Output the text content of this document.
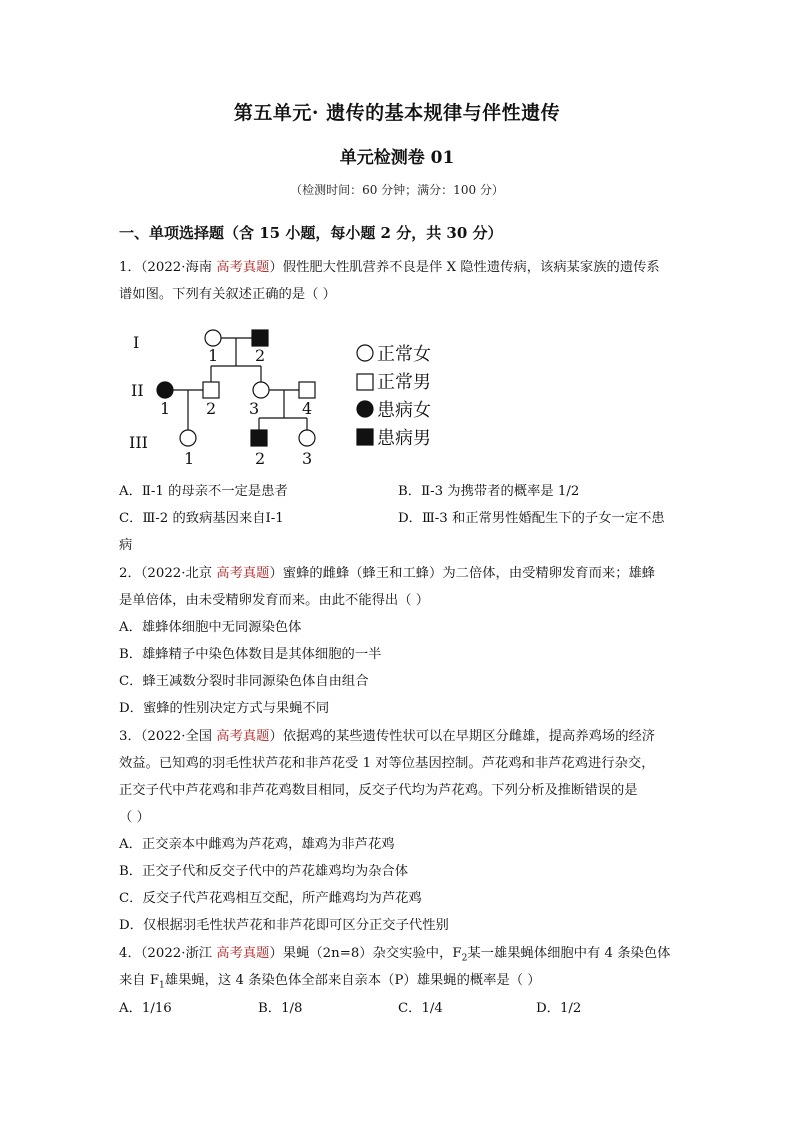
第五单元· 遗传的基本规律与伴性遗传
单元检测卷 01
（检测时间：60 分钟；满分：100 分）
一、单项选择题（含 15 小题，每小题 2 分，共 30 分）
1．（2022·海南 高考真题）假性肥大性肌营养不良是伴 X 隐性遗传病，该病某家族的遗传系
谱如图。下列有关叙述正确的是（ ）
I
II
III
1 2
1 2 3	4
1	2 3
正常女
正常男
患病女
患病男
A．Ⅱ-1 的母亲不一定是患者	B．Ⅱ-3 为携带者的概率是 1/2
C．Ⅲ-2 的致病基因来自Ⅰ-1	D．Ⅲ-3 和正常男性婚配生下的子女一定不患
病
2．（2022·北京 高考真题）蜜蜂的雌蜂（蜂王和工蜂）为二倍体，由受精卵发育而来；雄蜂
是单倍体，由未受精卵发育而来。由此不能得出（ ）
A．雄蜂体细胞中无同源染色体
B．雄蜂精子中染色体数目是其体细胞的一半
C．蜂王减数分裂时非同源染色体自由组合
D．蜜蜂的性别决定方式与果蝇不同
3．（2022·全国 高考真题）依据鸡的某些遗传性状可以在早期区分雌雄，提高养鸡场的经济
效益。已知鸡的羽毛性状芦花和非芦花受 1 对等位基因控制。芦花鸡和非芦花鸡进行杂交，
正交子代中芦花鸡和非芦花鸡数目相同，反交子代均为芦花鸡。下列分析及推断错误的是
（ ）
A．正交亲本中雌鸡为芦花鸡，雄鸡为非芦花鸡
B．正交子代和反交子代中的芦花雄鸡均为杂合体
C．反交子代芦花鸡相互交配，所产雌鸡均为芦花鸡
D．仅根据羽毛性状芦花和非芦花即可区分正交子代性别
4．（2022·浙江 高考真题）果蝇（2n=8）杂交实验中，$F_2$某一雄果蝇体细胞中有 4 条染色体
来自 $F_1$雄果蝇，这 4 条染色体全部来自亲本（P）雄果蝇的概率是（ ）
A．1/16	B．1/8	C．1/4	D．1/2
